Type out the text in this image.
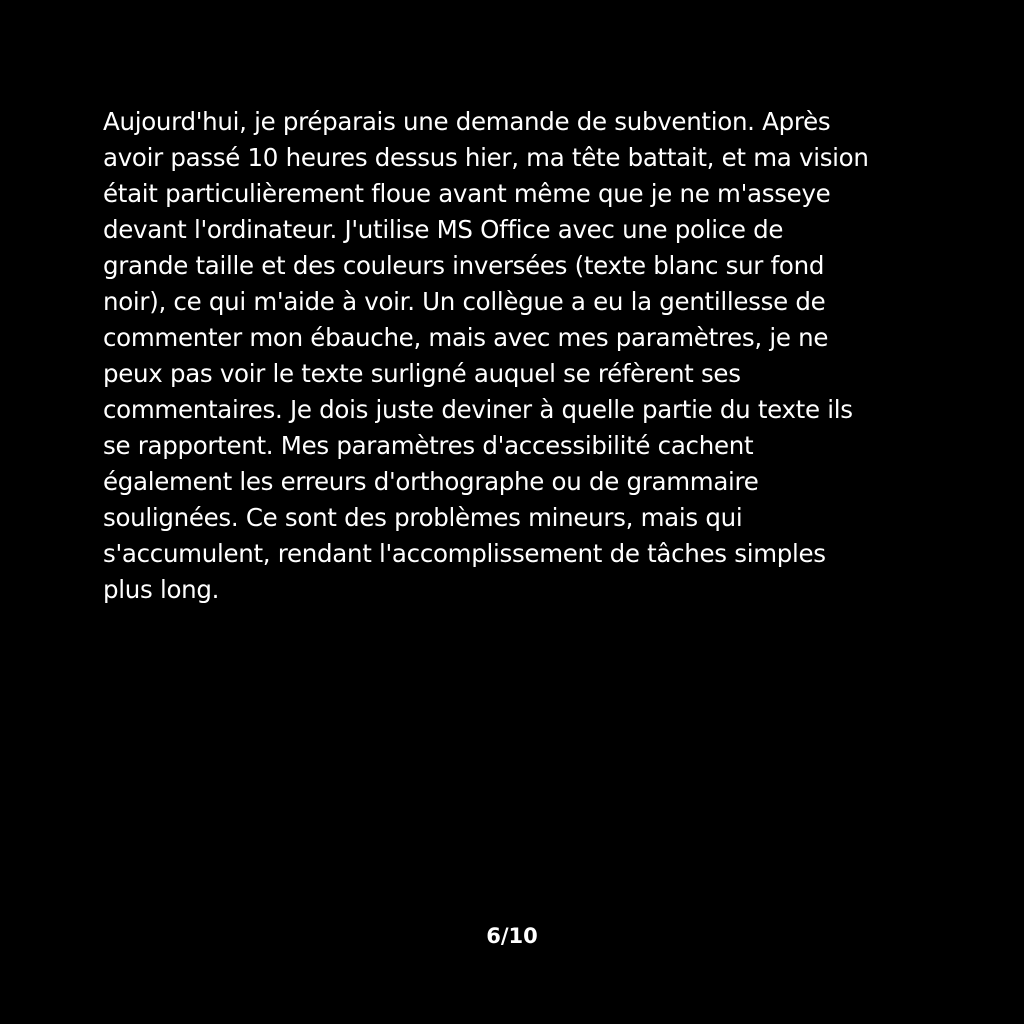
Aujourd'hui, je préparais une demande de subvention. Après
avoir passé 10 heures dessus hier, ma tête battait, et ma vision
était particulièrement floue avant même que je ne m'asseye
devant l'ordinateur. J'utilise MS Office avec une police de
grande taille et des couleurs inversées (texte blanc sur fond
noir), ce qui m'aide à voir. Un collègue a eu la gentillesse de
commenter mon ébauche, mais avec mes paramètres, je ne
peux pas voir le texte surligné auquel se réfèrent ses
commentaires. Je dois juste deviner à quelle partie du texte ils
se rapportent. Mes paramètres d'accessibilité cachent
également les erreurs d'orthographe ou de grammaire
soulignées. Ce sont des problèmes mineurs, mais qui
s'accumulent, rendant l'accomplissement de tâches simples
plus long.

6/10
